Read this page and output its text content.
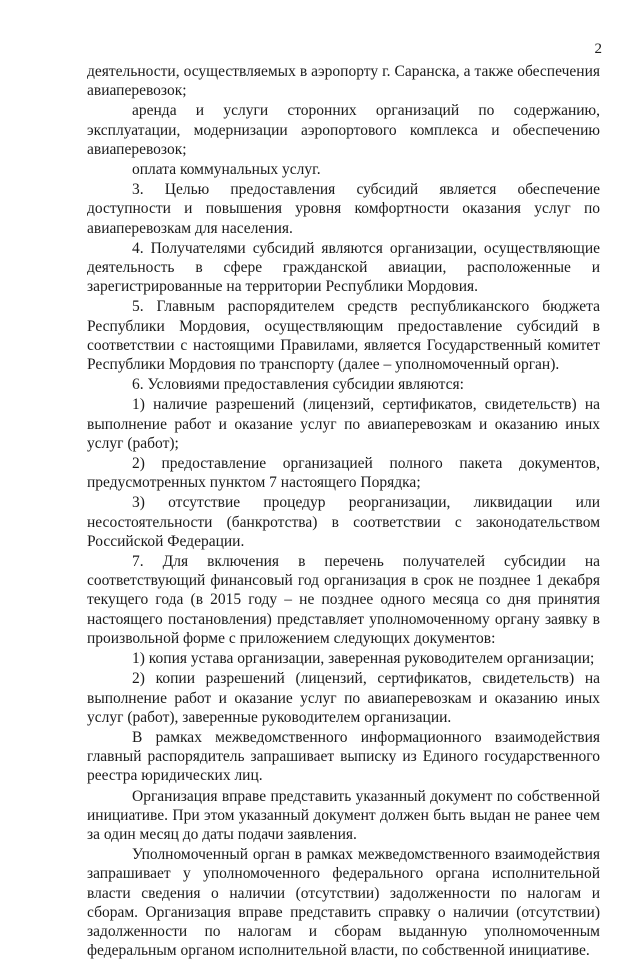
2

деятельности, осуществляемых в аэропорту г. Саранска, а также обеспечения авиаперевозок;

аренда и услуги сторонних организаций по содержанию, эксплуатации, модернизации аэропортового комплекса и обеспечению авиаперевозок;

оплата коммунальных услуг.

3. Целью предоставления субсидий является обеспечение доступности и повышения уровня комфортности оказания услуг по авиаперевозкам для населения.

4. Получателями субсидий являются организации, осуществляющие деятельность в сфере гражданской авиации, расположенные и зарегистрированные на территории Республики Мордовия.

5. Главным распорядителем средств республиканского бюджета Республики Мордовия, осуществляющим предоставление субсидий в соответствии с настоящими Правилами, является Государственный комитет Республики Мордовия по транспорту (далее – уполномоченный орган).

6. Условиями предоставления субсидии являются:

1) наличие разрешений (лицензий, сертификатов, свидетельств) на выполнение работ и оказание услуг по авиаперевозкам и оказанию иных услуг (работ);

2) предоставление организацией полного пакета документов, предусмотренных пунктом 7 настоящего Порядка;

3) отсутствие процедур реорганизации, ликвидации или несостоятельности (банкротства) в соответствии с законодательством Российской Федерации.

7. Для включения в перечень получателей субсидии на соответствующий финансовый год организация в срок не позднее 1 декабря текущего года (в 2015 году – не позднее одного месяца со дня принятия настоящего постановления) представляет уполномоченному органу заявку в произвольной форме с приложением следующих документов:

1) копия устава организации, заверенная руководителем организации;

2) копии разрешений (лицензий, сертификатов, свидетельств) на выполнение работ и оказание услуг по авиаперевозкам и оказанию иных услуг (работ), заверенные руководителем организации.

В рамках межведомственного информационного взаимодействия главный распорядитель запрашивает выписку из Единого государственного реестра юридических лиц.

Организация вправе представить указанный документ по собственной инициативе. При этом указанный документ должен быть выдан не ранее чем за один месяц до даты подачи заявления.

Уполномоченный орган в рамках межведомственного взаимодействия запрашивает у уполномоченного федерального органа исполнительной власти сведения о наличии (отсутствии) задолженности по налогам и сборам. Организация вправе представить справку о наличии (отсутствии) задолженности по налогам и сборам выданную уполномоченным федеральным органом исполнительной власти, по собственной инициативе.
